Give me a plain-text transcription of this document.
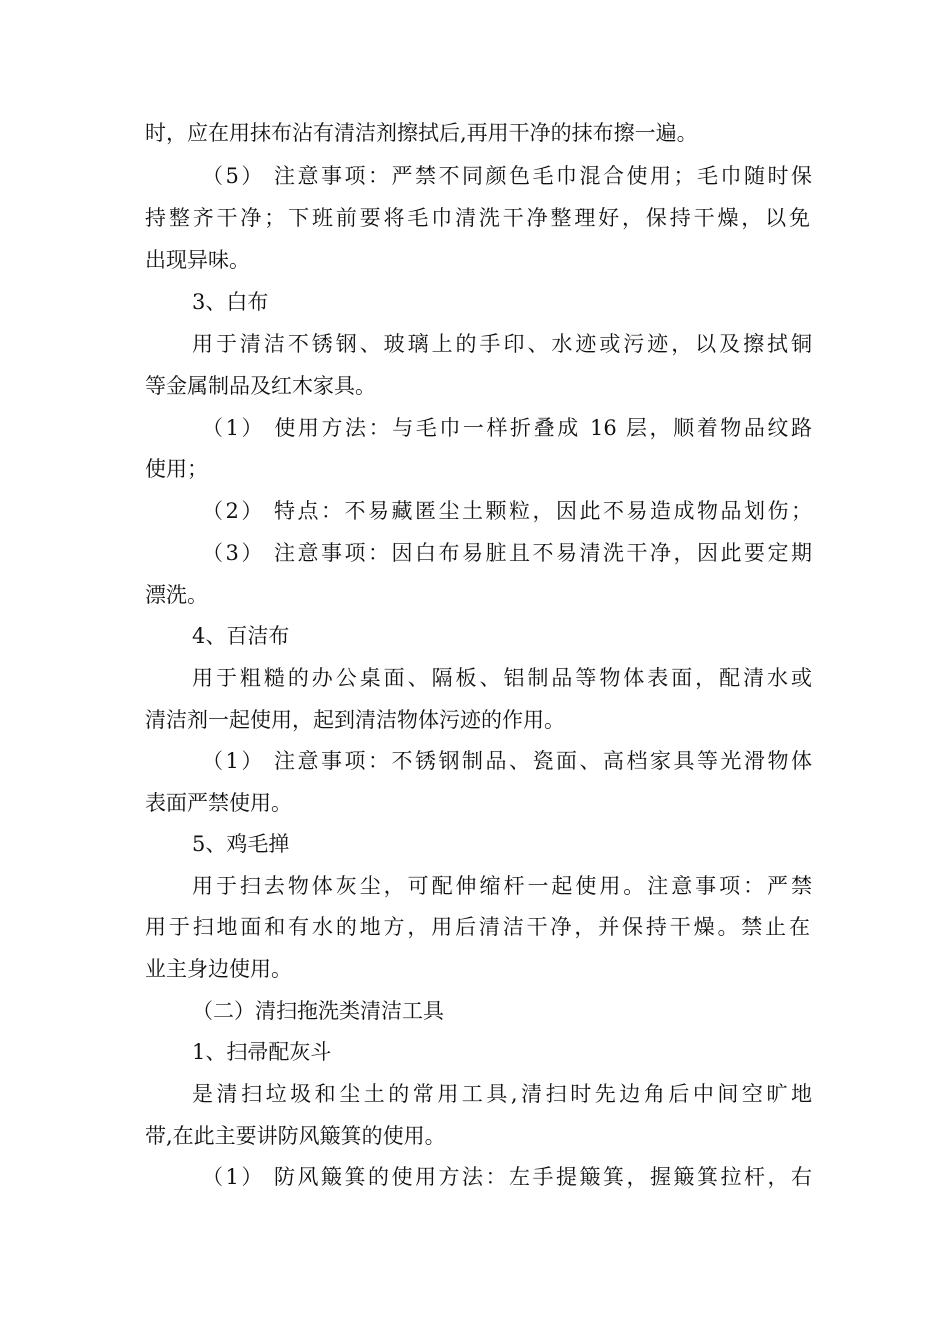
时，应在用抹布沾有清洁剂擦拭后,再用干净的抹布擦一遍。
（5） 注意事项：严禁不同颜色毛巾混合使用；毛巾随时保
持整齐干净；下班前要将毛巾清洗干净整理好，保持干燥，以免
出现异味。
3、白布
用于清洁不锈钢、玻璃上的手印、水迹或污迹，以及擦拭铜
等金属制品及红木家具。
（1） 使用方法：与毛巾一样折叠成 16 层，顺着物品纹路
使用；
（2） 特点：不易藏匿尘土颗粒，因此不易造成物品划伤；
（3） 注意事项：因白布易脏且不易清洗干净，因此要定期
漂洗。
4、百洁布
用于粗糙的办公桌面、隔板、铝制品等物体表面，配清水或
清洁剂一起使用，起到清洁物体污迹的作用。
（1） 注意事项：不锈钢制品、瓷面、高档家具等光滑物体
表面严禁使用。
5、鸡毛掸
用于扫去物体灰尘，可配伸缩杆一起使用。注意事项：严禁
用于扫地面和有水的地方，用后清洁干净，并保持干燥。禁止在
业主身边使用。
（二）清扫拖洗类清洁工具
1、扫帚配灰斗
是清扫垃圾和尘土的常用工具,清扫时先边角后中间空旷地
带,在此主要讲防风簸箕的使用。
（1） 防风簸箕的使用方法：左手提簸箕，握簸箕拉杆，右
